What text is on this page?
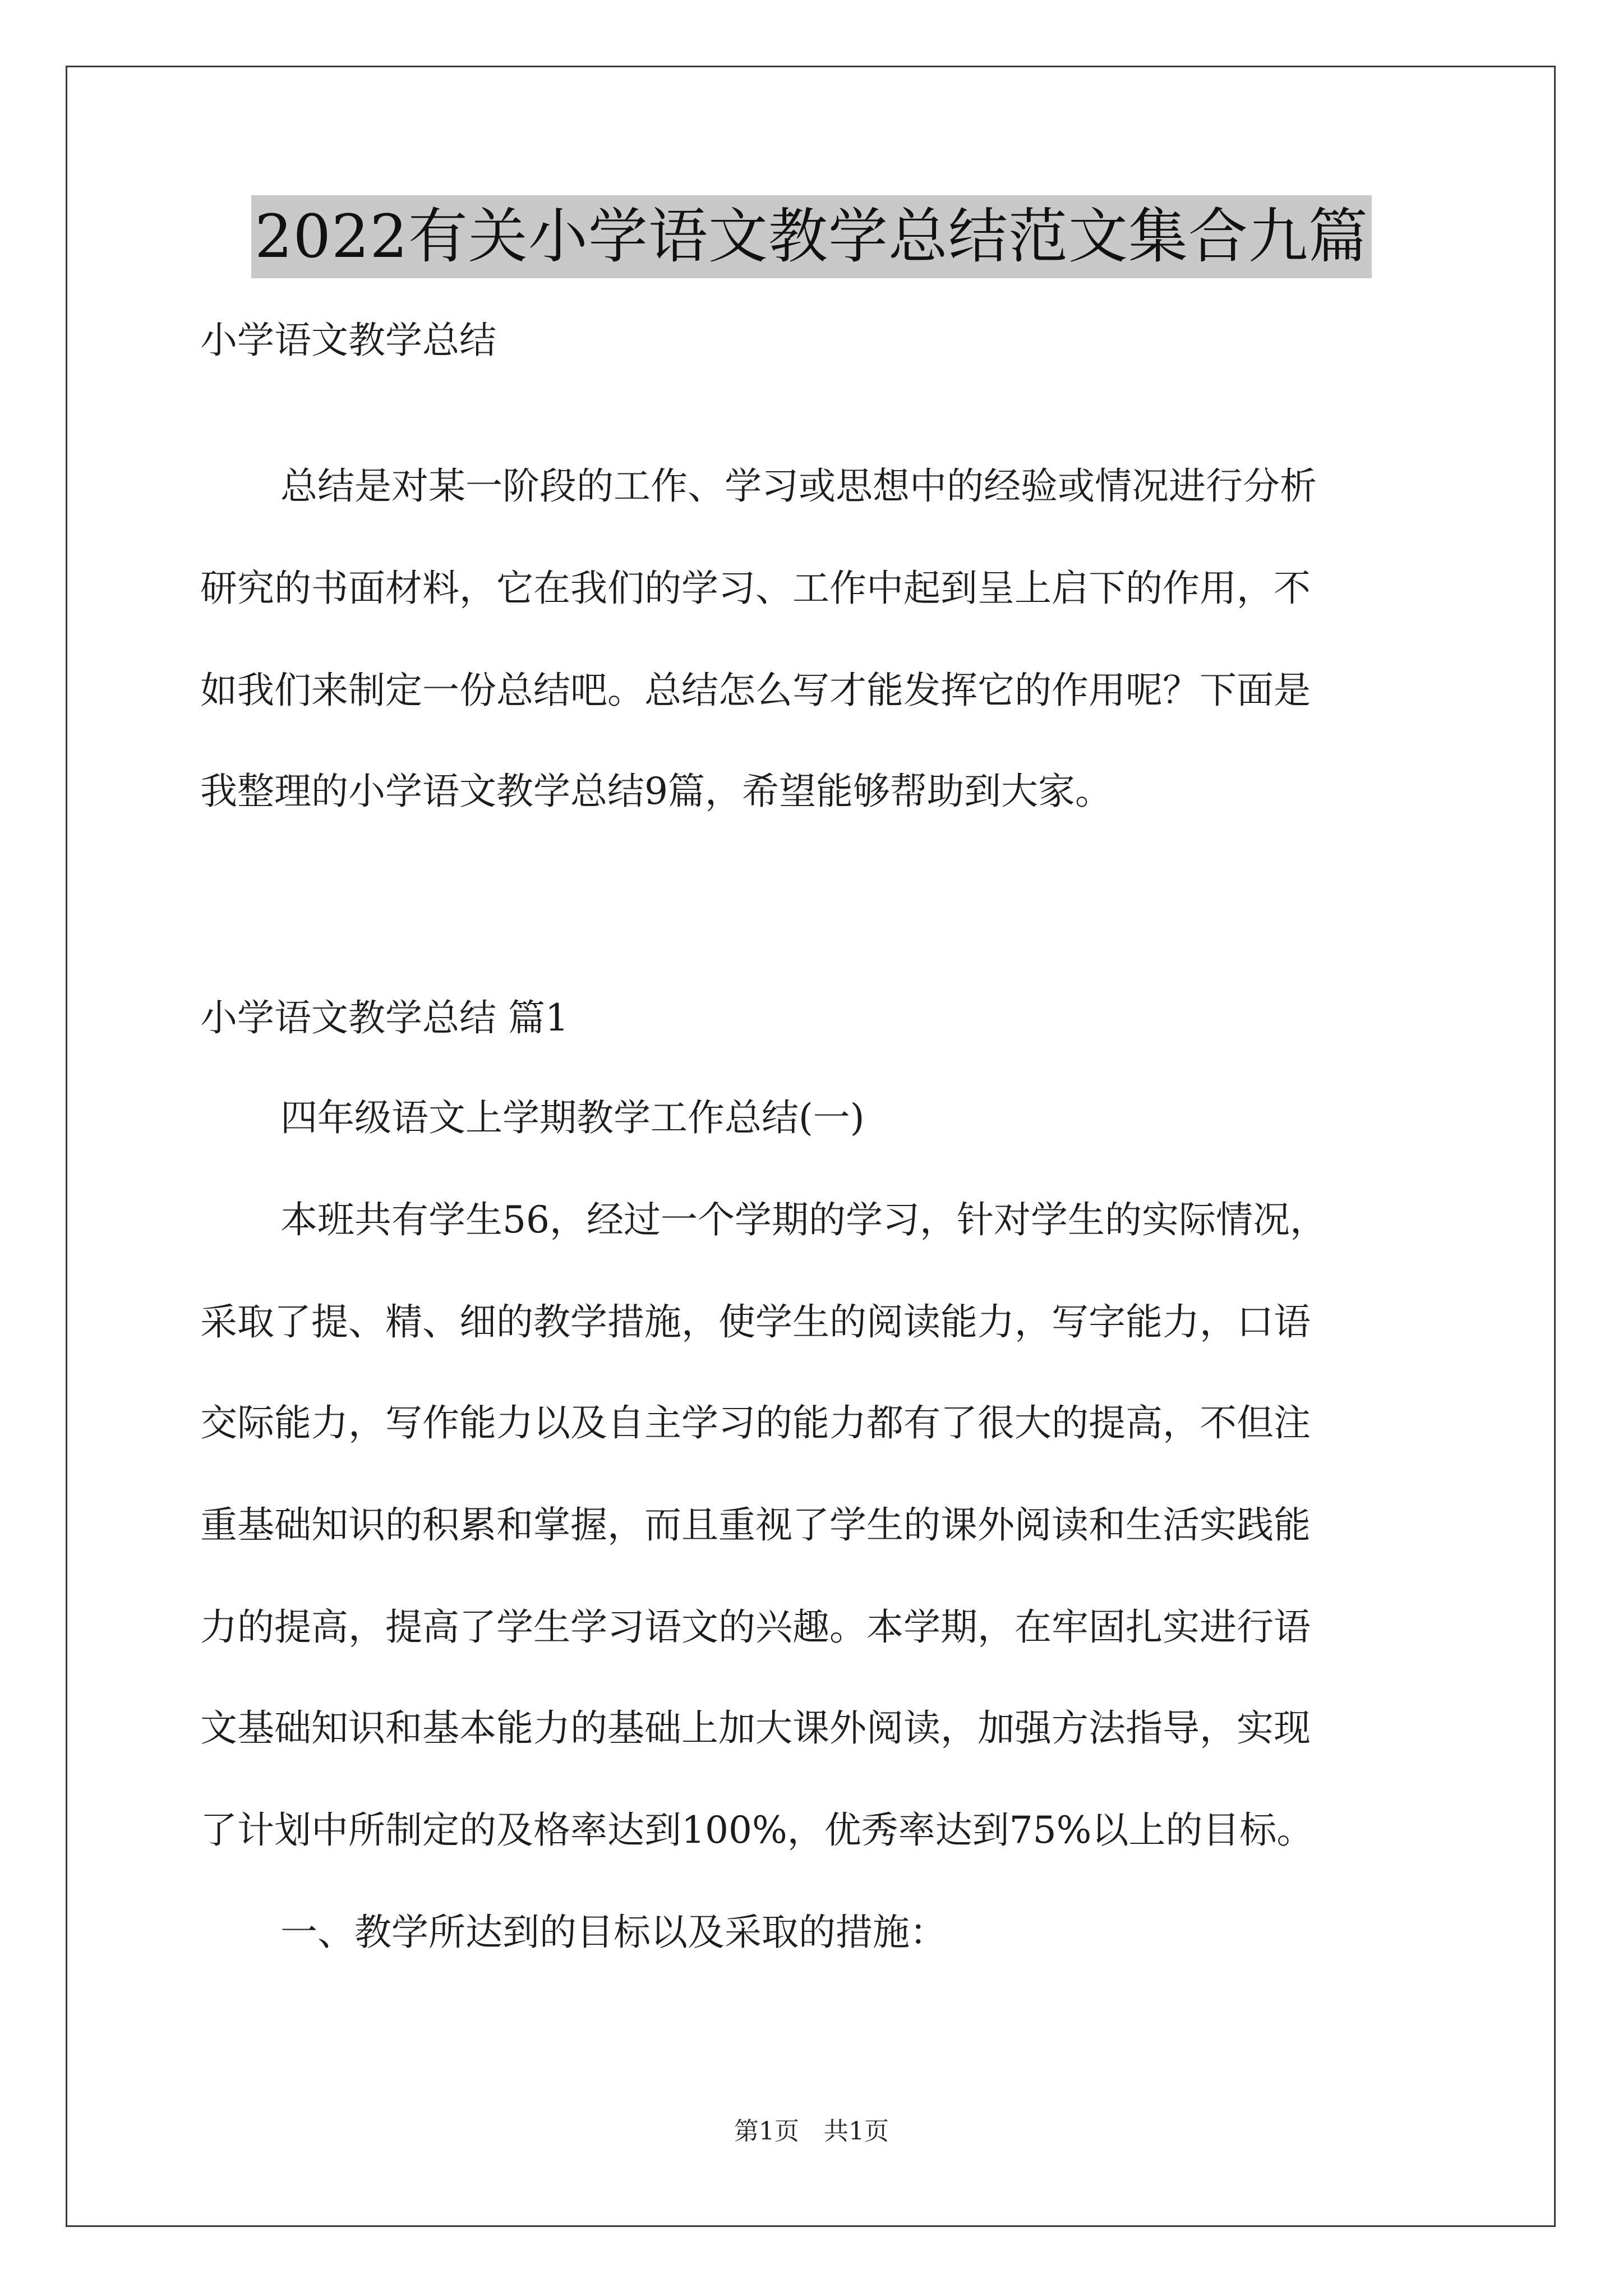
2022有关小学语文教学总结范文集合九篇
小学语文教学总结
总结是对某一阶段的工作、学习或思想中的经验或情况进行分析
研究的书面材料，它在我们的学习、工作中起到呈上启下的作用，不
如我们来制定一份总结吧。总结怎么写才能发挥它的作用呢？下面是
我整理的小学语文教学总结9篇，希望能够帮助到大家。
小学语文教学总结 篇1
四年级语文上学期教学工作总结(一)
本班共有学生56，经过一个学期的学习，针对学生的实际情况，
采取了提、精、细的教学措施，使学生的阅读能力，写字能力，口语
交际能力，写作能力以及自主学习的能力都有了很大的提高，不但注
重基础知识的积累和掌握，而且重视了学生的课外阅读和生活实践能
力的提高，提高了学生学习语文的兴趣。本学期，在牢固扎实进行语
文基础知识和基本能力的基础上加大课外阅读，加强方法指导，实现
了计划中所制定的及格率达到100%，优秀率达到75%以上的目标。
一、教学所达到的目标以及采取的措施：
第1页　共1页
